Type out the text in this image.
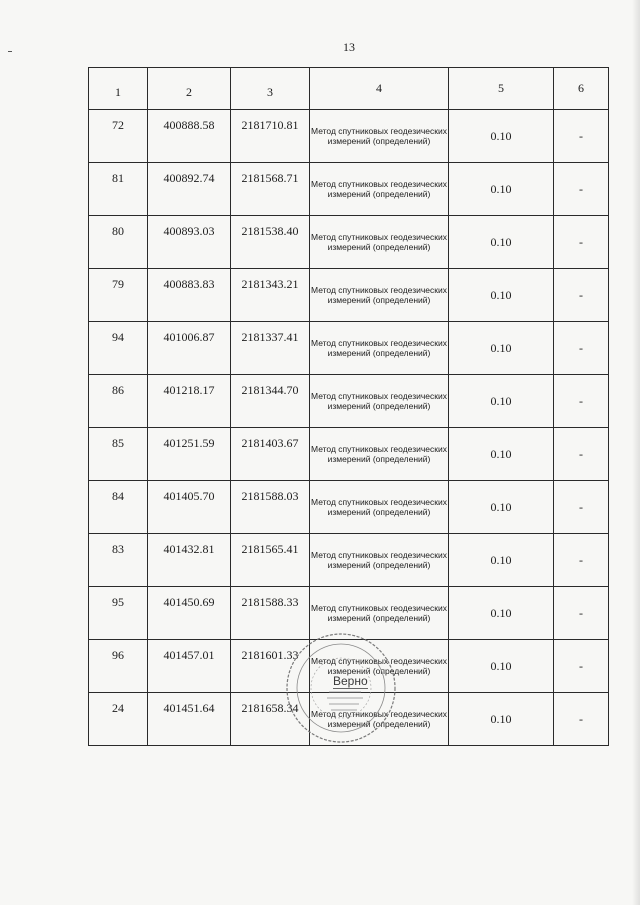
13
1	2	3	4	5	6
72	400888.58	2181710.81	Метод спутниковых геодезических измерений (определений)	0.10	-
81	400892.74	2181568.71	Метод спутниковых геодезических измерений (определений)	0.10	-
80	400893.03	2181538.40	Метод спутниковых геодезических измерений (определений)	0.10	-
79	400883.83	2181343.21	Метод спутниковых геодезических измерений (определений)	0.10	-
94	401006.87	2181337.41	Метод спутниковых геодезических измерений (определений)	0.10	-
86	401218.17	2181344.70	Метод спутниковых геодезических измерений (определений)	0.10	-
85	401251.59	2181403.67	Метод спутниковых геодезических измерений (определений)	0.10	-
84	401405.70	2181588.03	Метод спутниковых геодезических измерений (определений)	0.10	-
83	401432.81	2181565.41	Метод спутниковых геодезических измерений (определений)	0.10	-
95	401450.69	2181588.33	Метод спутниковых геодезических измерений (определений)	0.10	-
96	401457.01	2181601.33	Метод спутниковых геодезических измерений (определений)	0.10	-
24	401451.64	2181658.34	Метод спутниковых геодезических измерений (определений)	0.10	-
Верно
